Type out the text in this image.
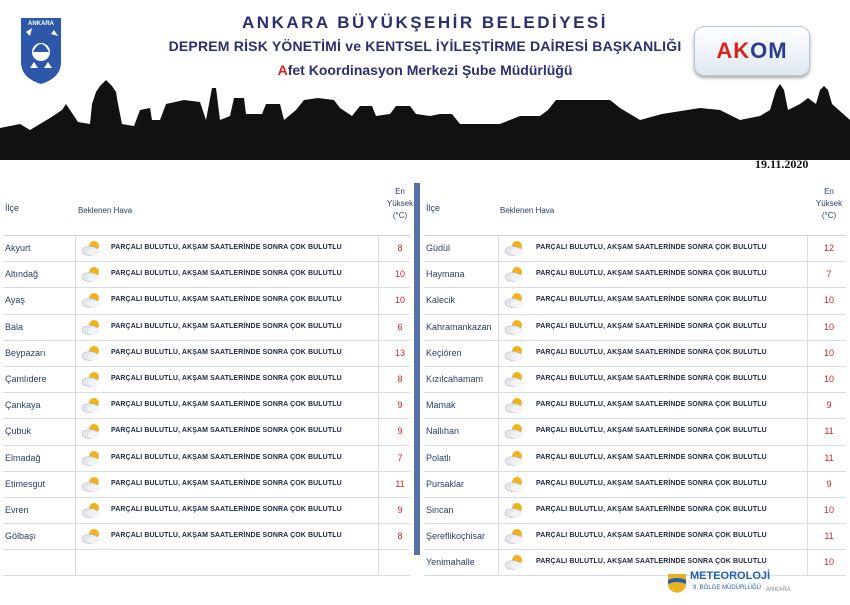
ANKARA	ANKARA BÜYÜKŞEHİR BELEDİYESİ
DEPREM RİSK YÖNETİMİ ve KENTSEL İYİLEŞTİRME DAİRESİ BAŞKANLIĞI
Afet Koordinasyon Merkezi Şube Müdürlüğü
AKOM
19.11.2020
İlçe	Beklenen Hava
En
Yüksek
(°C)
Akyurt	PARÇALI BULUTLU, AKŞAM SAATLERİNDE SONRA ÇOK BULUTLU	8
Altındağ	PARÇALI BULUTLU, AKŞAM SAATLERİNDE SONRA ÇOK BULUTLU	10
Ayaş	PARÇALI BULUTLU, AKŞAM SAATLERİNDE SONRA ÇOK BULUTLU	10
Bala	PARÇALI BULUTLU, AKŞAM SAATLERİNDE SONRA ÇOK BULUTLU	6
Beypazarı	PARÇALI BULUTLU, AKŞAM SAATLERİNDE SONRA ÇOK BULUTLU	13
Çamlıdere	PARÇALI BULUTLU, AKŞAM SAATLERİNDE SONRA ÇOK BULUTLU	8
Çankaya	PARÇALI BULUTLU, AKŞAM SAATLERİNDE SONRA ÇOK BULUTLU	9
Çubuk	PARÇALI BULUTLU, AKŞAM SAATLERİNDE SONRA ÇOK BULUTLU	9
Elmadağ	PARÇALI BULUTLU, AKŞAM SAATLERİNDE SONRA ÇOK BULUTLU	7
Etimesgut	PARÇALI BULUTLU, AKŞAM SAATLERİNDE SONRA ÇOK BULUTLU	11
Evren	PARÇALI BULUTLU, AKŞAM SAATLERİNDE SONRA ÇOK BULUTLU	9
Gölbaşı	PARÇALI BULUTLU, AKŞAM SAATLERİNDE SONRA ÇOK BULUTLU	8
İlçe	Beklenen Hava
En
Yüksek
(°C)
Güdül	PARÇALI BULUTLU, AKŞAM SAATLERİNDE SONRA ÇOK BULUTLU	12
Haymana	PARÇALI BULUTLU, AKŞAM SAATLERİNDE SONRA ÇOK BULUTLU	7
Kalecik	PARÇALI BULUTLU, AKŞAM SAATLERİNDE SONRA ÇOK BULUTLU	10
Kahramankazan	PARÇALI BULUTLU, AKŞAM SAATLERİNDE SONRA ÇOK BULUTLU	10
Keçiören	PARÇALI BULUTLU, AKŞAM SAATLERİNDE SONRA ÇOK BULUTLU	10
Kızılcahamam	PARÇALI BULUTLU, AKŞAM SAATLERİNDE SONRA ÇOK BULUTLU	10
Mamak	PARÇALI BULUTLU, AKŞAM SAATLERİNDE SONRA ÇOK BULUTLU	9
Nallıhan	PARÇALI BULUTLU, AKŞAM SAATLERİNDE SONRA ÇOK BULUTLU	11
Polatlı	PARÇALI BULUTLU, AKŞAM SAATLERİNDE SONRA ÇOK BULUTLU	11
Pursaklar	PARÇALI BULUTLU, AKŞAM SAATLERİNDE SONRA ÇOK BULUTLU	9
Sincan	PARÇALI BULUTLU, AKŞAM SAATLERİNDE SONRA ÇOK BULUTLU	10
Şereflikoçhisar	PARÇALI BULUTLU, AKŞAM SAATLERİNDE SONRA ÇOK BULUTLU	11
Yenimahalle	PARÇALI BULUTLU, AKŞAM SAATLERİNDE SONRA ÇOK BULUTLU	10
METEOROLOJİ
9. BÖLGE MÜDÜRLÜĞÜ ANKARA
